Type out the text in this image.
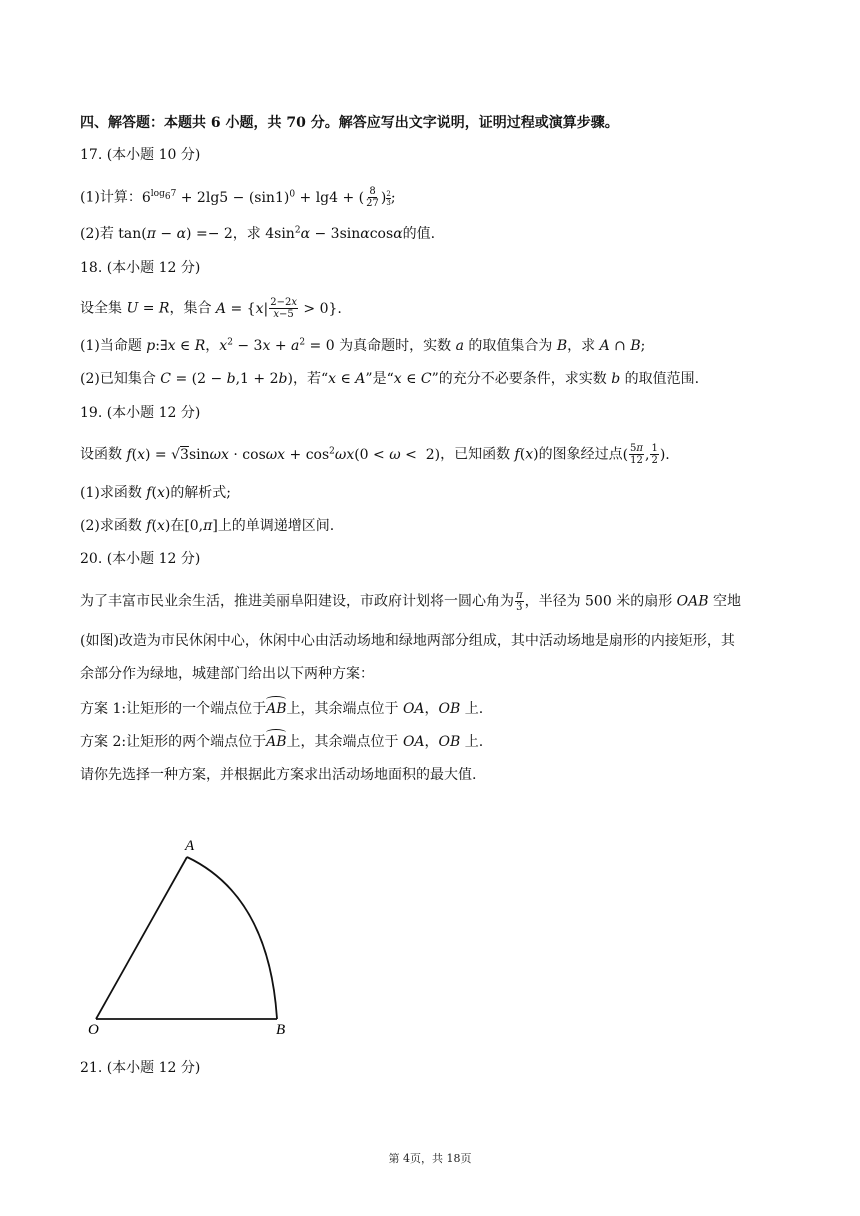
四、解答题：本题共 6 小题，共 70 分。解答应写出文字说明，证明过程或演算步骤。
17. (本小题 10 分)
(1)计算：$6^{log_67} + 2\lg 5 - (\sin 1)^0 + \lg 4$ + ( $\frac{8}{27}$ ) $\frac{2}{3}$ ;
(2)若 tan(π − α) =− 2，求 $4\sin^2\alpha - 3\sin\alpha\cos\alpha$的值.
18. (本小题 12 分)
设全集 U = R，集合 $A = \{x| \frac{2-2x}{x-5} > 0\}$.
(1)当命题 p:∃x ∈ R，$x^2 - 3x + a^2 = 0$ 为真命题时，实数 a 的取值集合为 B，求 A ∩ B;
(2)已知集合 C = (2 − b,1 + 2b)，若“x ∈ A”是“x ∈ C”的充分不必要条件，求实数 b 的取值范围.
19. (本小题 12 分)
设函数 $f(x) = √3\sin\omega x \cdot \cos\omega x + \cos^2\omega x(0 < \omega < 2)$，已知函数 f(x)的图象经过点( $\frac{5\pi}{12}$ , $\frac{1}{2}$ ).
(1)求函数 f(x)的解析式;
(2)求函数 f(x)在[0,π]上的单调递增区间.
20. (本小题 12 分)
为了丰富市民业余生活，推进美丽阜阳建设，市政府计划将一圆心角为 $\frac{\pi}{3}$ ，半径为 500 米的扇形 OAB 空地
(如图)改造为市民休闲中心，休闲中心由活动场地和绿地两部分组成，其中活动场地是扇形的内接矩形，其
余部分作为绿地，城建部门给出以下两种方案：
方案 1:让矩形的一个端点位于AB上，其余端点位于 OA，OB 上.
方案 2:让矩形的两个端点位于AB上，其余端点位于 OA，OB 上.
请你先选择一种方案，并根据此方案求出活动场地面积的最大值.
A
O	B
21. (本小题 12 分)
第 4页，共 18页
